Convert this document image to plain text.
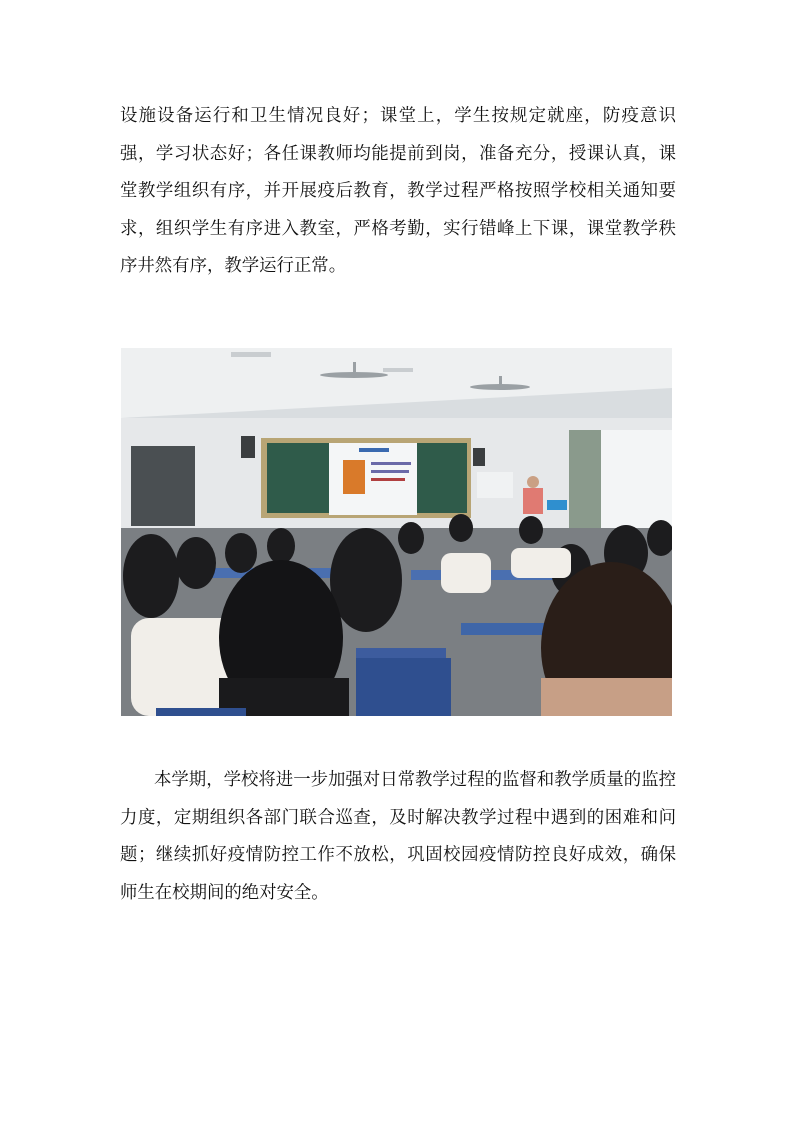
设施设备运行和卫生情况良好；课堂上，学生按规定就座，防疫意识强，学习状态好；各任课教师均能提前到岗，准备充分，授课认真，课堂教学组织有序，并开展疫后教育，教学过程严格按照学校相关通知要求，组织学生有序进入教室，严格考勤，实行错峰上下课，课堂教学秩序井然有序，教学运行正常。

本学期，学校将进一步加强对日常教学过程的监督和教学质量的监控力度，定期组织各部门联合巡查，及时解决教学过程中遇到的困难和问题；继续抓好疫情防控工作不放松，巩固校园疫情防控良好成效，确保师生在校期间的绝对安全。
